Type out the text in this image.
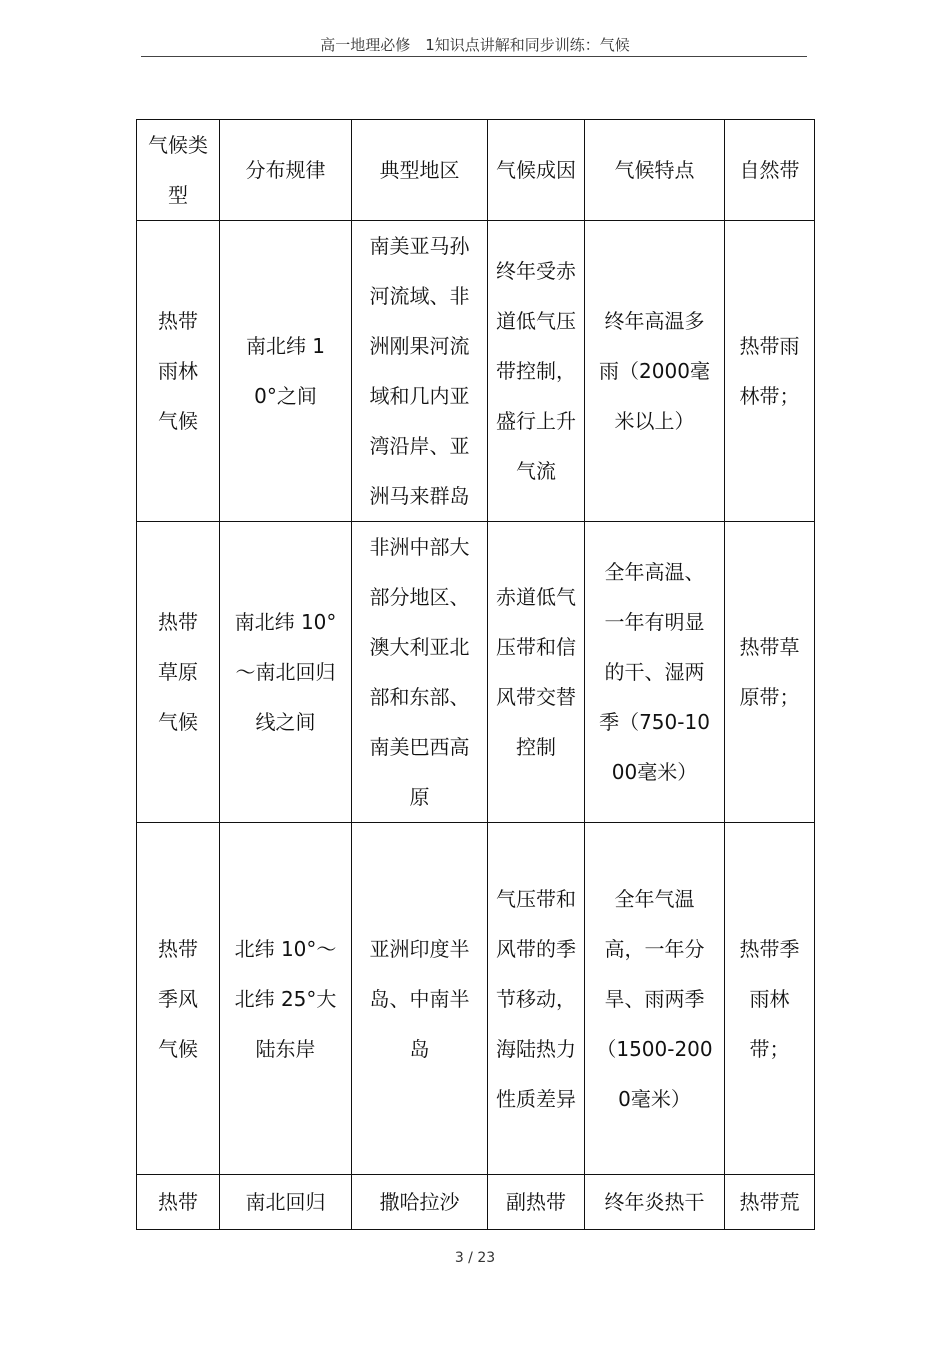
高一地理必修　1知识点讲解和同步训练：气候
气候类型	分布规律	典型地区	气候成因	气候特点	自然带

热带雨林气候	南北纬 10°之间	南美亚马孙河流域、非洲刚果河流域和几内亚湾沿岸、亚洲马来群岛	终年受赤道低气压带控制，盛行上升气流	终年高温多雨（2000毫米以上）	热带雨林带；

热带草原气候	南北纬 10°～南北回归线之间	非洲中部大部分地区、澳大利亚北部和东部、南美巴西高原	赤道低气压带和信风带交替控制	全年高温、一年有明显的干、湿两季（750-1000毫米）	热带草原带；

热带季风气候	北纬 10°～北纬 25°大陆东岸	亚洲印度半岛、中南半岛	气压带和风带的季节移动，海陆热力性质差异	全年气温高，一年分旱、雨两季（1500-2000毫米）	热带季雨林带；

热带	南北回归	撒哈拉沙	副热带	终年炎热干	热带荒
3 / 23
